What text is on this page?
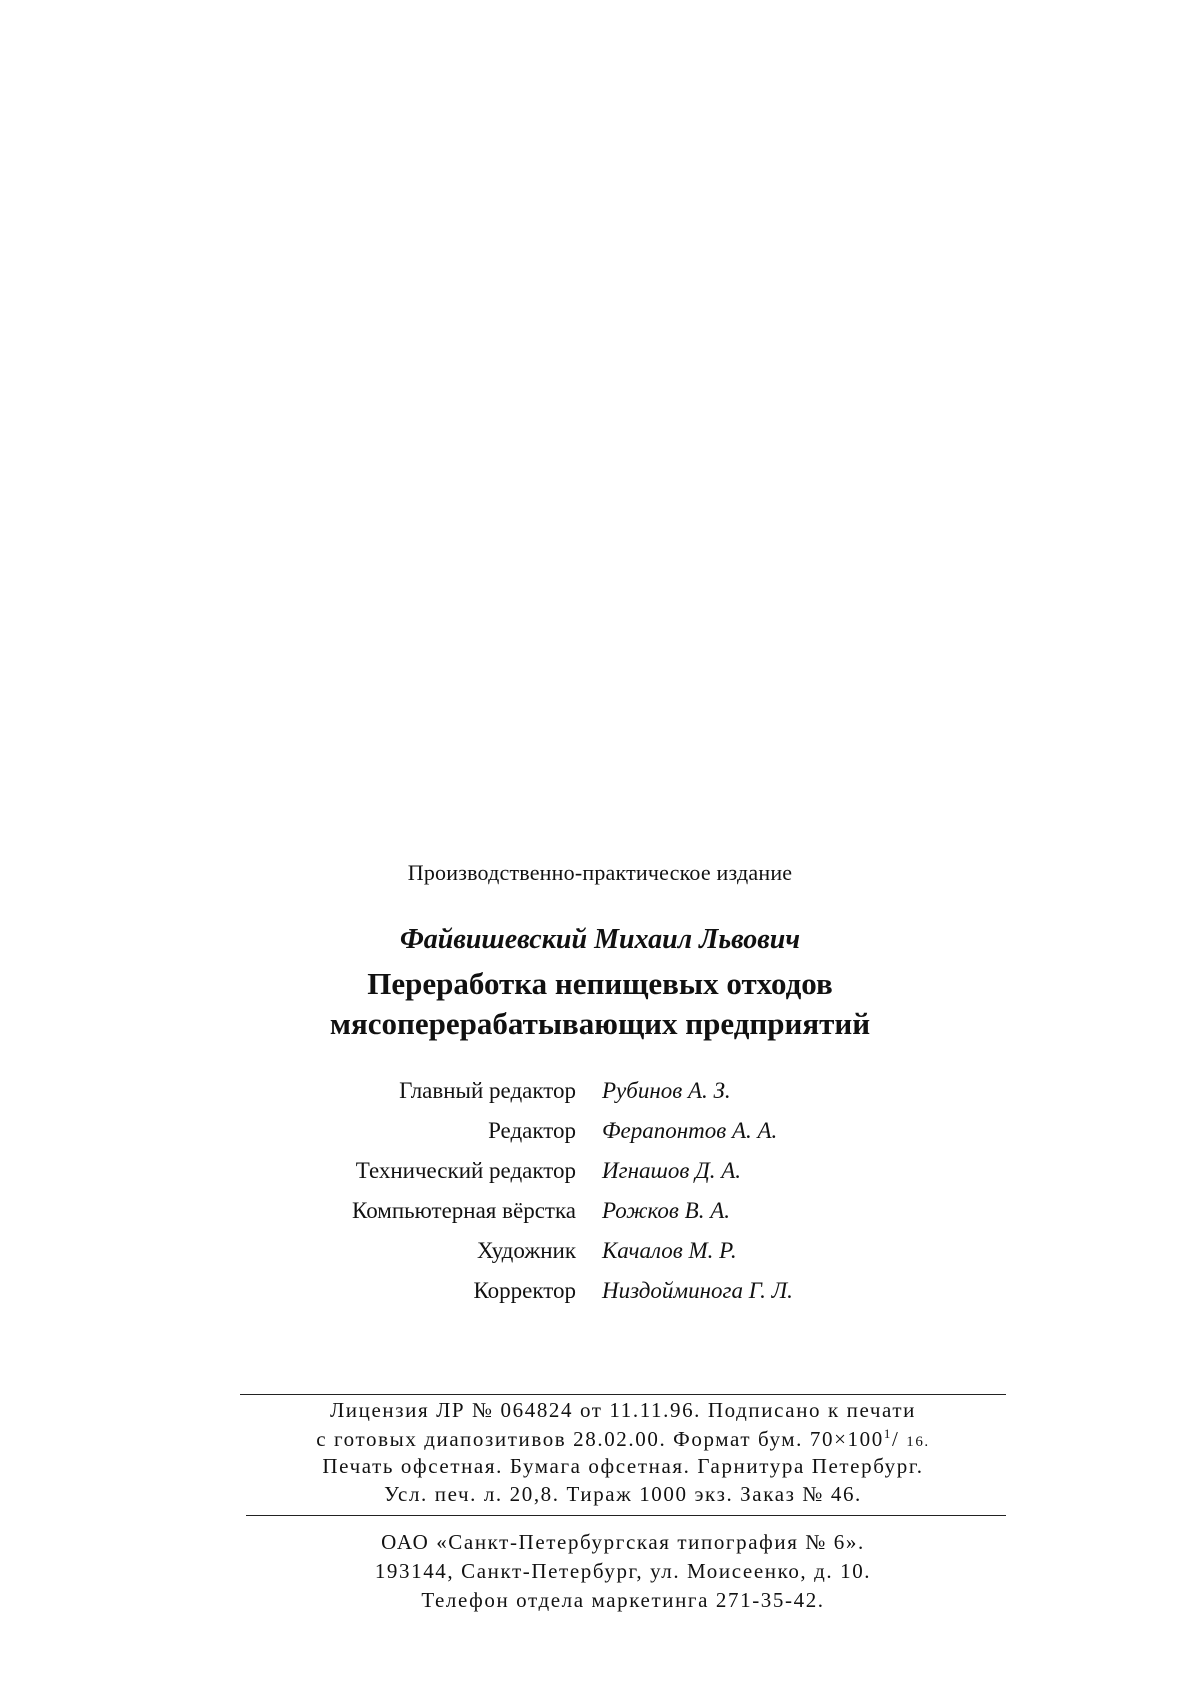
Производственно-практическое издание
Файвишевский Михаил Львович
Переработка непищевых отходов
мясоперерабатывающих предприятий
Главный редактор	Рубинов А. З.
Редактор	Ферапонтов А. А.
Технический редактор	Игнашов Д. А.
Компьютерная вёрстка	Рожков В. А.
Художник	Качалов М. Р.
Корректор	Низдойминога Г. Л.
Лицензия ЛР № 064824 от 11.11.96. Подписано к печати
с готовых диапозитивов 28.02.00. Формат бум. $70\times 100^1/$ 16.
Печать офсетная. Бумага офсетная. Гарнитура Петербург.
Усл. печ. л. 20,8. Тираж 1000 экз. Заказ № 46.
ОАО «Санкт-Петербургская типография № 6».
193144, Санкт-Петербург, ул. Моисеенко, д. 10.
Телефон отдела маркетинга 271-35-42.
